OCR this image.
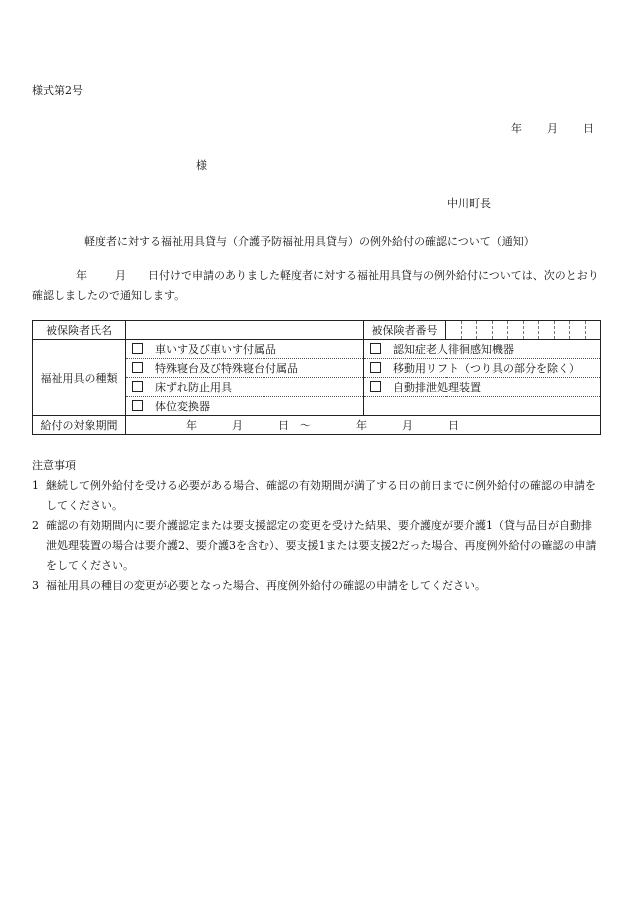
様式第2号
年 月 日
様
中川町長
軽度者に対する福祉用具貸与（介護予防福祉用具貸与）の例外給付の確認について（通知）
年	月 日付けで申請のありました軽度者に対する福祉用具貸与の例外給付については、次のとおり確認しましたので通知します。
被保険者氏名		被保険者番号	

福祉用具の種類	車いす及び車いす付属品	認知症老人徘徊感知機器	
	特殊寝台及び特殊寝台付属品	移動用リフト（つり具の部分を除く）	
	床ずれ防止用具	自動排泄処理装置	
	体位変換器		
給付の対象期間	年 月 日 ～ 年 月 日		
注意事項
1 継続して例外給付を受ける必要がある場合、確認の有効期間が満了する日の前日までに例外給付の確認の申請をしてください。
2 確認の有効期間内に要介護認定または要支援認定の変更を受けた結果、要介護度が要介護1（貸与品目が自動排泄処理装置の場合は要介護2、要介護3を含む）、要支援1または要支援2だった場合、再度例外給付の確認の申請をしてください。
3 福祉用具の種目の変更が必要となった場合、再度例外給付の確認の申請をしてください。
